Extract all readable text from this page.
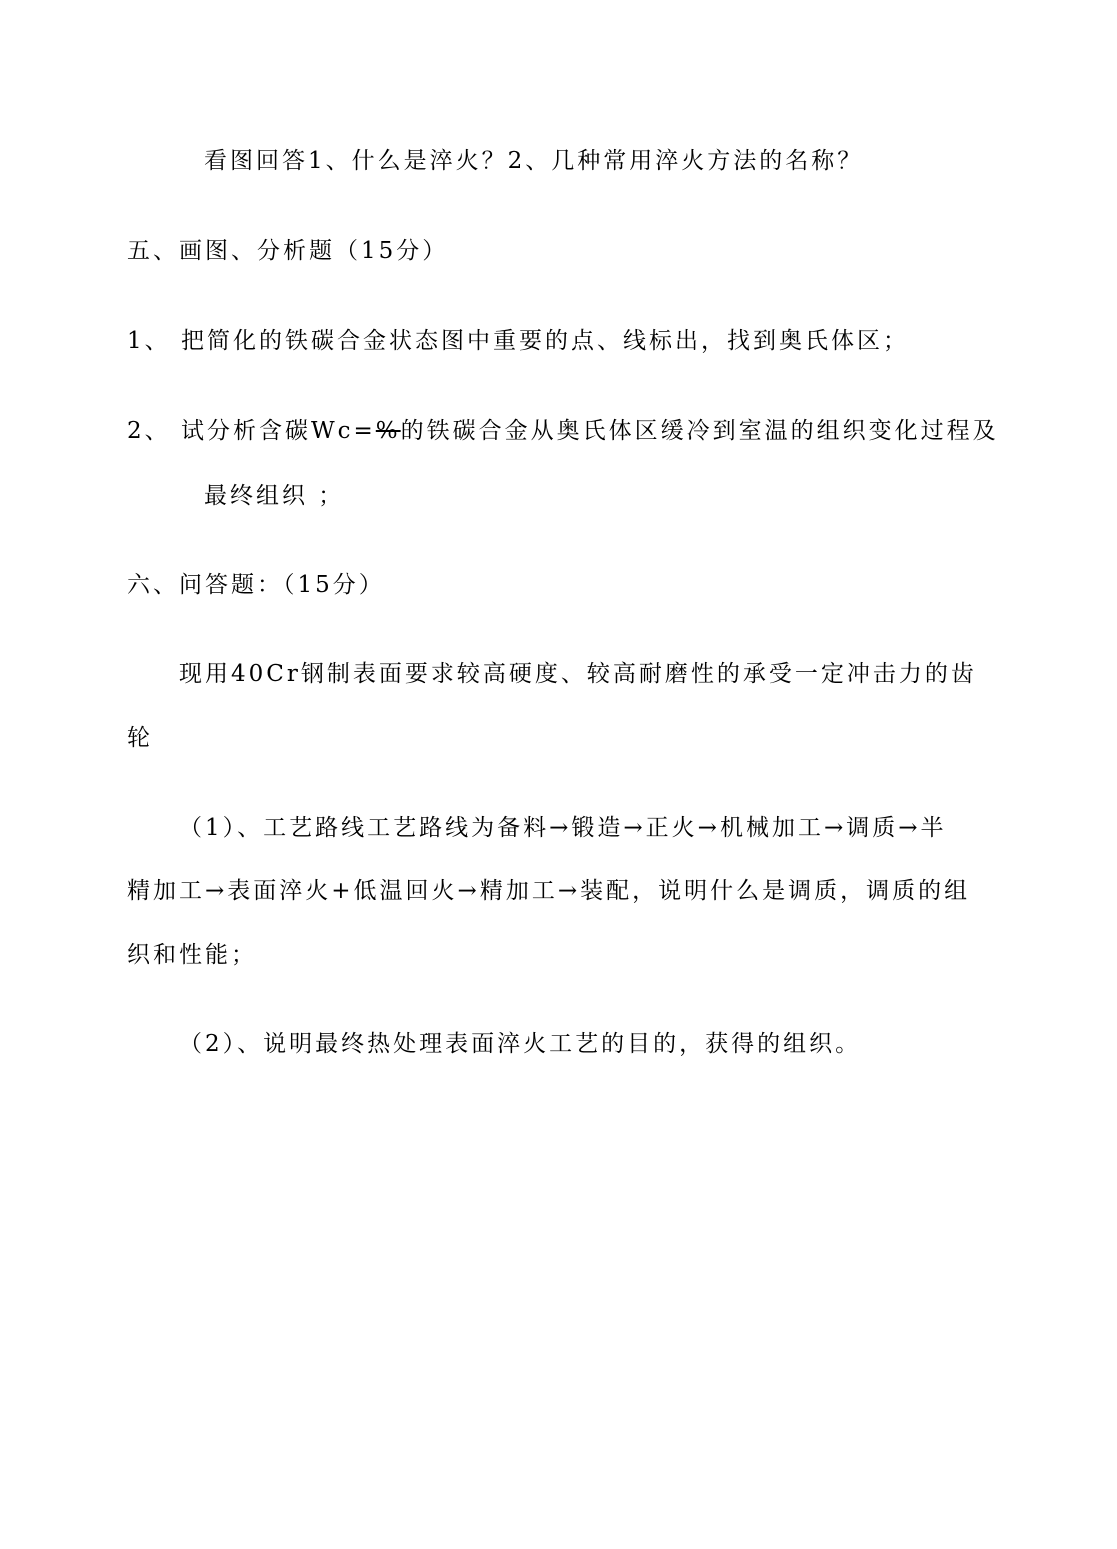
看图回答1、什么是淬火？2、几种常用淬火方法的名称？
五、画图、分析题（15分）
1、 把简化的铁碳合金状态图中重要的点、线标出，找到奥氏体区；
2、 试分析含碳Wc=%的铁碳合金从奥氏体区缓冷到室温的组织变化过程及
最终组织 ；
六、问答题：（15分）
现用40Cr钢制表面要求较高硬度、较高耐磨性的承受一定冲击力的齿
轮
（1）、工艺路线工艺路线为备料→锻造→正火→机械加工→调质→半
精加工→表面淬火+低温回火→精加工→装配，说明什么是调质，调质的组
织和性能；
（2）、说明最终热处理表面淬火工艺的目的，获得的组织。
